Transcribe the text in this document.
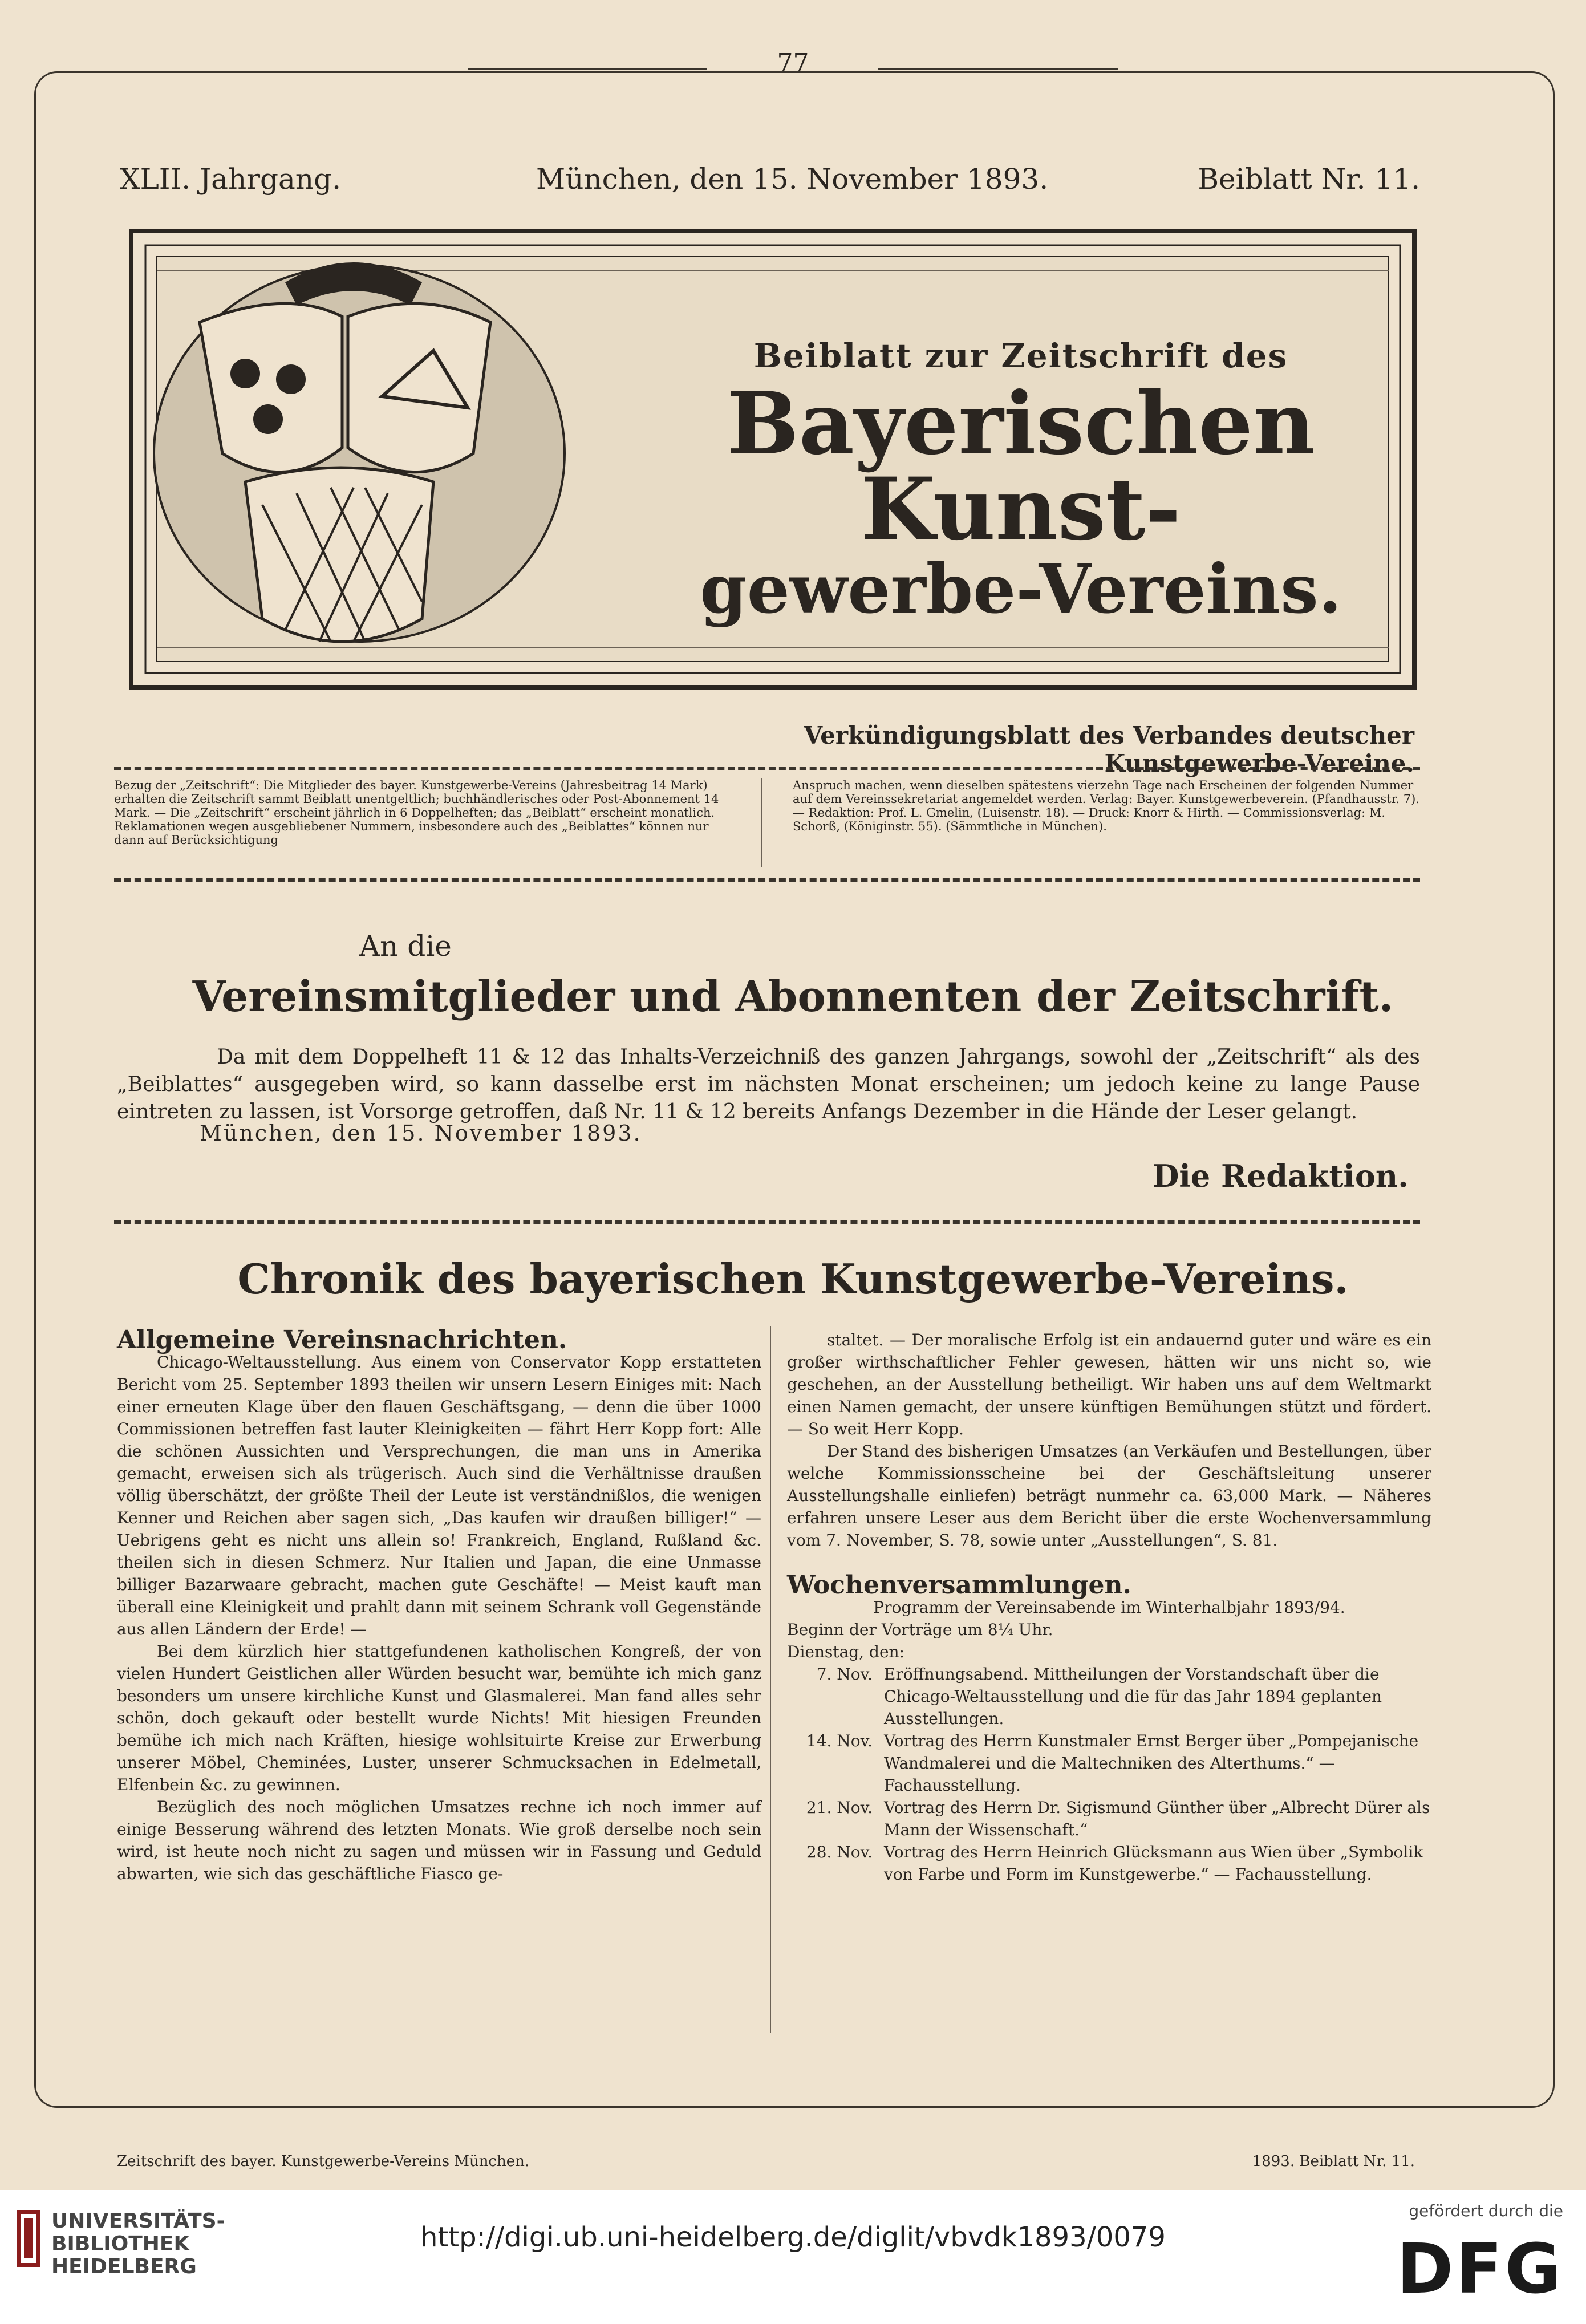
77
XLII. Jahrgang.	München, den 15. November 1893.	Beiblatt Nr. 11.
Beiblatt zur Zeitschrift des
Bayerischen Kunst-
gewerbe-Vereins.
Verkündigungsblatt des Verbandes deutscher Kunstgewerbe-Vereine.
Bezug der „Zeitschrift“: Die Mitglieder des bayer. Kunstgewerbe-Vereins (Jahresbeitrag 14 Mark) erhalten die Zeitschrift sammt Beiblatt unentgeltlich; buchhändlerisches oder Post-Abonnement 14 Mark. — Die „Zeitschrift“ erscheint jährlich in 6 Doppelheften; das „Beiblatt“ erscheint monatlich. Reklamationen wegen ausgebliebener Nummern, insbesondere auch des „Beiblattes“ können nur dann auf Berücksichtigung
Anspruch machen, wenn dieselben spätestens vierzehn Tage nach Erscheinen der folgenden Nummer auf dem Vereinssekretariat angemeldet werden. Verlag: Bayer. Kunstgewerbeverein. (Pfandhausstr. 7). — Redaktion: Prof. L. Gmelin, (Luisenstr. 18). — Druck: Knorr & Hirth. — Commissionsverlag: M. Schorß, (Königinstr. 55). (Sämmtliche in München).
An die
Vereinsmitglieder und Abonnenten der Zeitschrift.

Da mit dem Doppelheft 11 & 12 das Inhalts-Verzeichniß des ganzen Jahrgangs, sowohl der „Zeitschrift“ als des „Beiblattes“ ausgegeben wird, so kann dasselbe erst im nächsten Monat erscheinen; um jedoch keine zu lange Pause eintreten zu lassen, ist Vorsorge getroffen, daß Nr. 11 & 12 bereits Anfangs Dezember in die Hände der Leser gelangt.

München, den 15. November 1893.
Die Redaktion.
Chronik des bayerischen Kunstgewerbe-Vereins.

Allgemeine Vereinsnachrichten.

Chicago-Weltausstellung. Aus einem von Conservator Kopp erstatteten Bericht vom 25. September 1893 theilen wir unsern Lesern Einiges mit: Nach einer erneuten Klage über den flauen Geschäftsgang, — denn die über 1000 Commissionen betreffen fast lauter Kleinigkeiten — fährt Herr Kopp fort: Alle die schönen Aussichten und Versprechungen, die man uns in Amerika gemacht, erweisen sich als trügerisch. Auch sind die Verhältnisse draußen völlig überschätzt, der größte Theil der Leute ist verständnißlos, die wenigen Kenner und Reichen aber sagen sich, „Das kaufen wir draußen billiger!“ — Uebrigens geht es nicht uns allein so! Frankreich, England, Rußland &c. theilen sich in diesen Schmerz. Nur Italien und Japan, die eine Unmasse billiger Bazarwaare gebracht, machen gute Geschäfte! — Meist kauft man überall eine Kleinigkeit und prahlt dann mit seinem Schrank voll Gegenstände aus allen Ländern der Erde! —

Bei dem kürzlich hier stattgefundenen katholischen Kongreß, der von vielen Hundert Geistlichen aller Würden besucht war, bemühte ich mich ganz besonders um unsere kirchliche Kunst und Glasmalerei. Man fand alles sehr schön, doch gekauft oder bestellt wurde Nichts! Mit hiesigen Freunden bemühe ich mich nach Kräften, hiesige wohlsituirte Kreise zur Erwerbung unserer Möbel, Cheminées, Luster, unserer Schmucksachen in Edelmetall, Elfenbein &c. zu gewinnen.

Bezüglich des noch möglichen Umsatzes rechne ich noch immer auf einige Besserung während des letzten Monats. Wie groß derselbe noch sein wird, ist heute noch nicht zu sagen und müssen wir in Fassung und Geduld abwarten, wie sich das geschäftliche Fiasco ge-

staltet. — Der moralische Erfolg ist ein andauernd guter und wäre es ein großer wirthschaftlicher Fehler gewesen, hätten wir uns nicht so, wie geschehen, an der Ausstellung betheiligt. Wir haben uns auf dem Weltmarkt einen Namen gemacht, der unsere künftigen Bemühungen stützt und fördert. — So weit Herr Kopp.

Der Stand des bisherigen Umsatzes (an Verkäufen und Bestellungen, über welche Kommissionsscheine bei der Geschäftsleitung unserer Ausstellungshalle einliefen) beträgt nunmehr ca. 63,000 Mark. — Näheres erfahren unsere Leser aus dem Bericht über die erste Wochenversammlung vom 7. November, S. 78, sowie unter „Ausstellungen“, S. 81.

Wochenversammlungen.

Programm der Vereinsabende im Winterhalbjahr 1893/94.

Beginn der Vorträge um 8¼ Uhr.

Dienstag, den:

7. Nov. Eröffnungsabend. Mittheilungen der Vorstandschaft über die Chicago-Weltausstellung und die für das Jahr 1894 geplanten Ausstellungen.
14. Nov. Vortrag des Herrn Kunstmaler Ernst Berger über „Pompejanische Wandmalerei und die Maltechniken des Alterthums.“ — Fachausstellung.
21. Nov. Vortrag des Herrn Dr. Sigismund Günther über „Albrecht Dürer als Mann der Wissenschaft.“
28. Nov. Vortrag des Herrn Heinrich Glücksmann aus Wien über „Symbolik von Farbe und Form im Kunstgewerbe.“ — Fachausstellung.
Zeitschrift des bayer. Kunstgewerbe-Vereins München.	1893. Beiblatt Nr. 11.
UNIVERSITÄTS-
BIBLIOTHEK
HEIDELBERG
http://digi.ub.uni-heidelberg.de/diglit/vbvdk1893/0079
gefördert durch die
DFG
